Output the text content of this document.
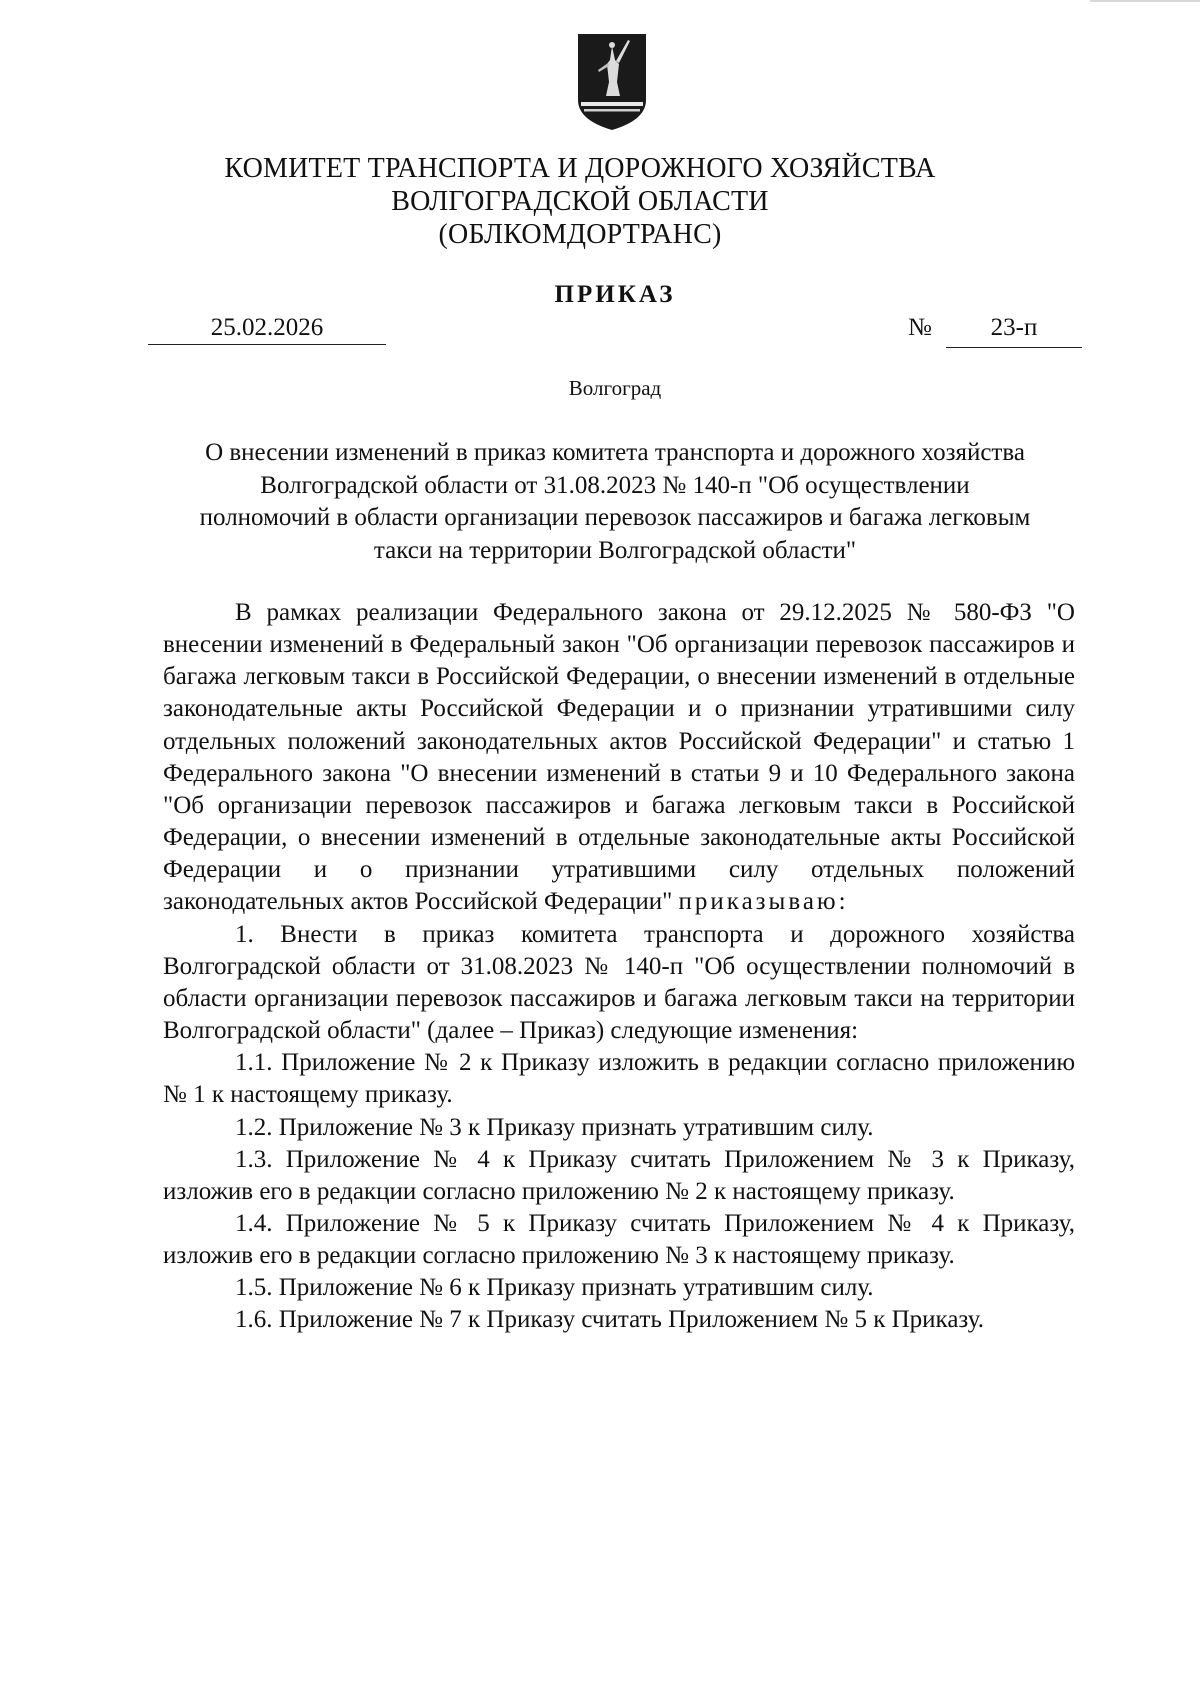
КОМИТЕТ ТРАНСПОРТА И ДОРОЖНОГО ХОЗЯЙСТВА
ВОЛГОГРАДСКОЙ ОБЛАСТИ
(ОБЛКОМДОРТРАНС)
ПРИКАЗ
25.02.2026	№	23-п
Волгоград
О внесении изменений в приказ комитета транспорта и дорожного хозяйства
Волгоградской области от 31.08.2023 № 140-п "Об осуществлении
полномочий в области организации перевозок пассажиров и багажа легковым
такси на территории Волгоградской области"

В рамках реализации Федерального закона от 29.12.2025 № 580-ФЗ "О внесении изменений в Федеральный закон "Об организации перевозок пассажиров и багажа легковым такси в Российской Федерации, о внесении изменений в отдельные законодательные акты Российской Федерации и о признании утратившими силу отдельных положений законодательных актов Российской Федерации" и статью 1 Федерального закона "О внесении изменений в статьи 9 и 10 Федерального закона "Об организации перевозок пассажиров и багажа легковым такси в Российской Федерации, о внесении изменений в отдельные законодательные акты Российской Федерации и о признании утратившими силу отдельных положений законодательных актов Российской Федерации" приказываю:

1. Внести в приказ комитета транспорта и дорожного хозяйства Волгоградской области от 31.08.2023 № 140-п "Об осуществлении полномочий в области организации перевозок пассажиров и багажа легковым такси на территории Волгоградской области" (далее – Приказ) следующие изменения:

1.1. Приложение № 2 к Приказу изложить в редакции согласно приложению № 1 к настоящему приказу.

1.2. Приложение № 3 к Приказу признать утратившим силу.

1.3. Приложение № 4 к Приказу считать Приложением № 3 к Приказу, изложив его в редакции согласно приложению № 2 к настоящему приказу.

1.4. Приложение № 5 к Приказу считать Приложением № 4 к Приказу, изложив его в редакции согласно приложению № 3 к настоящему приказу.

1.5. Приложение № 6 к Приказу признать утратившим силу.

1.6. Приложение № 7 к Приказу считать Приложением № 5 к Приказу.
